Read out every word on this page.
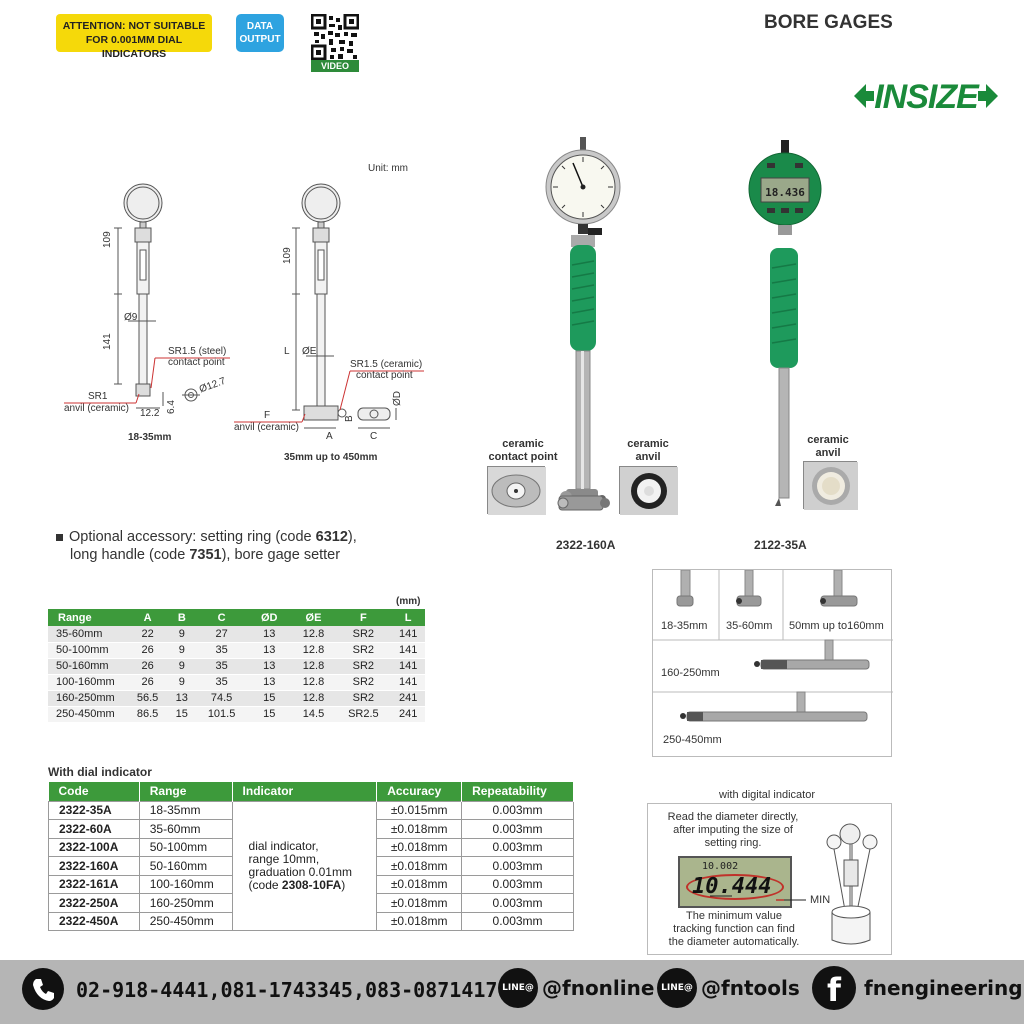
ATTENTION: NOT SUITABLE
FOR 0.001MM DIAL INDICATORS
DATA
OUTPUT
VIDEO
BORE GAGES
INSIZE
Unit: mm
109
141
Ø9
SR1.5 (steel)
contact point
SR1
anvil (ceramic) 12.2 6.4
Ø12.7
18-35mm
109
L ØE
SR1.5 (ceramic)
contact point
F
anvil (ceramic)
A
B
C
ØD
35mm up to 450mm
18.436
ceramic
contact point
ceramic
anvil
ceramic
anvil
2322-160A	2122-35A
Optional accessory: setting ring (code 6312),
long handle (code 7351), bore gage setter
(mm)
Range	A	B	C	ØD	ØE	F	L
35-60mm	22	9	27	13	12.8	SR2	141
50-100mm	26	9	35	13	12.8	SR2	141
50-160mm	26	9	35	13	12.8	SR2	141
100-160mm	26	9	35	13	12.8	SR2	141
160-250mm	56.5	13	74.5	15	12.8	SR2	241
250-450mm	86.5	15	101.5	15	14.5	SR2.5	241
With dial indicator
Code	Range	Indicator	Accuracy	Repeatability
2322-35A	18-35mm	dial indicator,
range 10mm,
graduation 0.01mm
(code 2308-10FA)	±0.015mm	0.003mm
2322-60A	35-60mm		±0.018mm	0.003mm
2322-100A	50-100mm		±0.018mm	0.003mm
2322-160A	50-160mm		±0.018mm	0.003mm
2322-161A	100-160mm		±0.018mm	0.003mm
2322-250A	160-250mm		±0.018mm	0.003mm
2322-450A	250-450mm		±0.018mm	0.003mm
18-35mm 35-60mm 50mm up to160mm
160-250mm
250-450mm
with digital indicator
Read the diameter directly,
after imputing the size of
setting ring.
10.002
10.444
MIN
The minimum value
tracking function can find
the diameter automatically.
02-918-4441,081-1743345,083-0871417 LINE@ @fnonline LINE@ @fntools f	fnengineering
